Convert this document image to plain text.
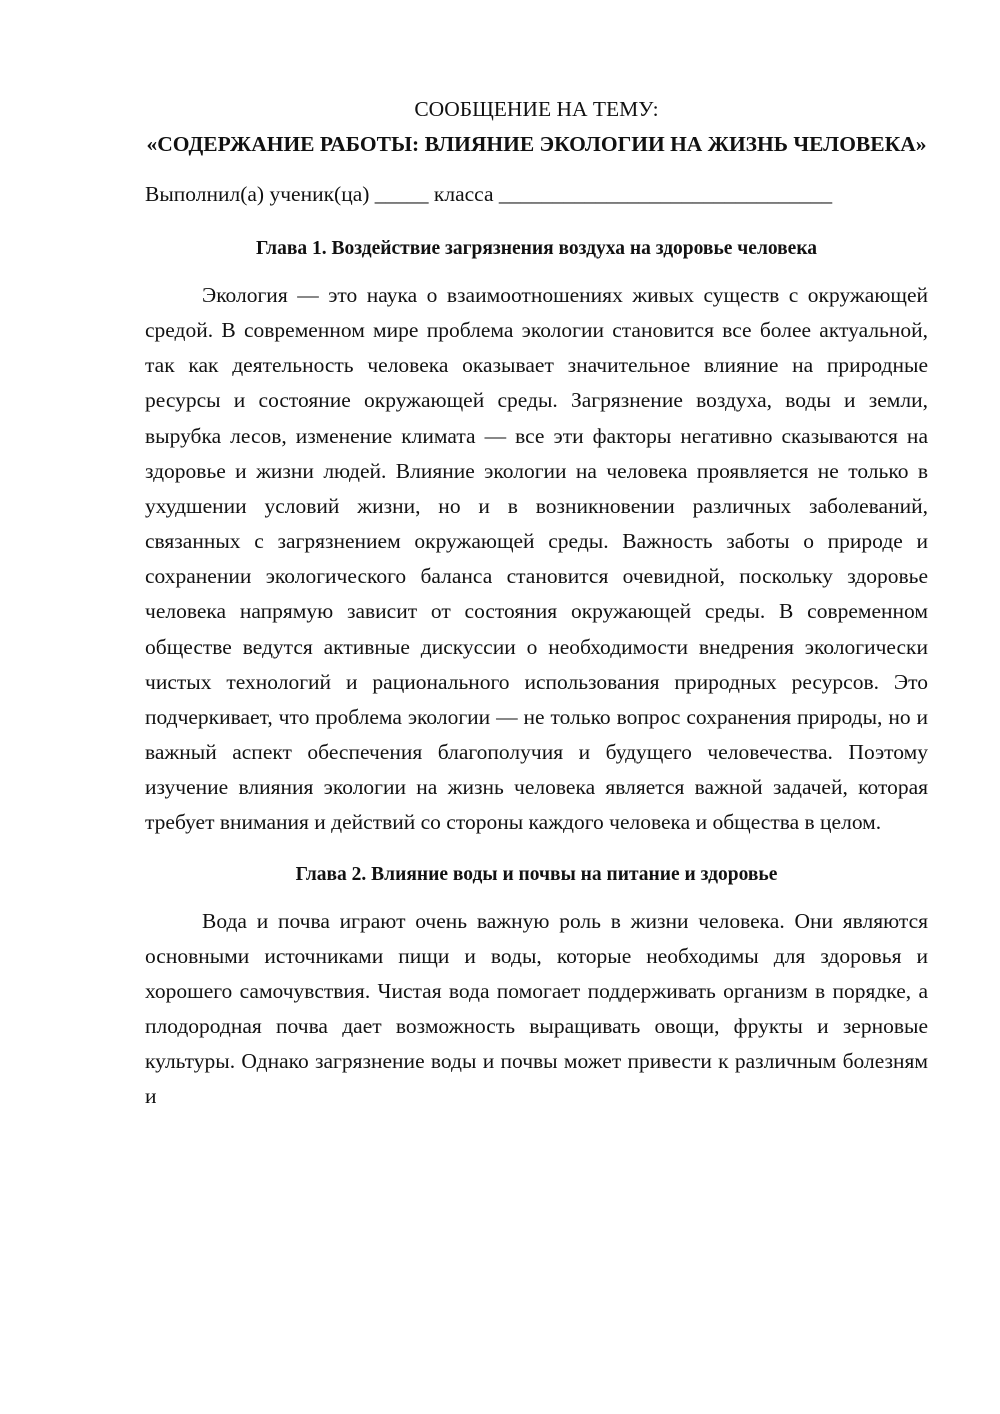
СООБЩЕНИЕ НА ТЕМУ:

«СОДЕРЖАНИЕ РАБОТЫ: ВЛИЯНИЕ ЭКОЛОГИИ НА ЖИЗНЬ ЧЕЛОВЕКА»

Выполнил(а) ученик(ца) _____ класса _______________________________

Глава 1. Воздействие загрязнения воздуха на здоровье человека

Экология — это наука о взаимоотношениях живых существ с окружающей средой. В современном мире проблема экологии становится все более актуальной, так как деятельность человека оказывает значительное влияние на природные ресурсы и состояние окружающей среды. Загрязнение воздуха, воды и земли, вырубка лесов, изменение климата — все эти факторы негативно сказываются на здоровье и жизни людей. Влияние экологии на человека проявляется не только в ухудшении условий жизни, но и в возникновении различных заболеваний, связанных с загрязнением окружающей среды. Важность заботы о природе и сохранении экологического баланса становится очевидной, поскольку здоровье человека напрямую зависит от состояния окружающей среды. В современном обществе ведутся активные дискуссии о необходимости внедрения экологически чистых технологий и рационального использования природных ресурсов. Это подчеркивает, что проблема экологии — не только вопрос сохранения природы, но и важный аспект обеспечения благополучия и будущего человечества. Поэтому изучение влияния экологии на жизнь человека является важной задачей, которая требует внимания и действий со стороны каждого человека и общества в целом.

Глава 2. Влияние воды и почвы на питание и здоровье

Вода и почва играют очень важную роль в жизни человека. Они являются основными источниками пищи и воды, которые необходимы для здоровья и хорошего самочувствия. Чистая вода помогает поддерживать организм в порядке, а плодородная почва дает возможность выращивать овощи, фрукты и зерновые культуры. Однако загрязнение воды и почвы может привести к различным болезням и
